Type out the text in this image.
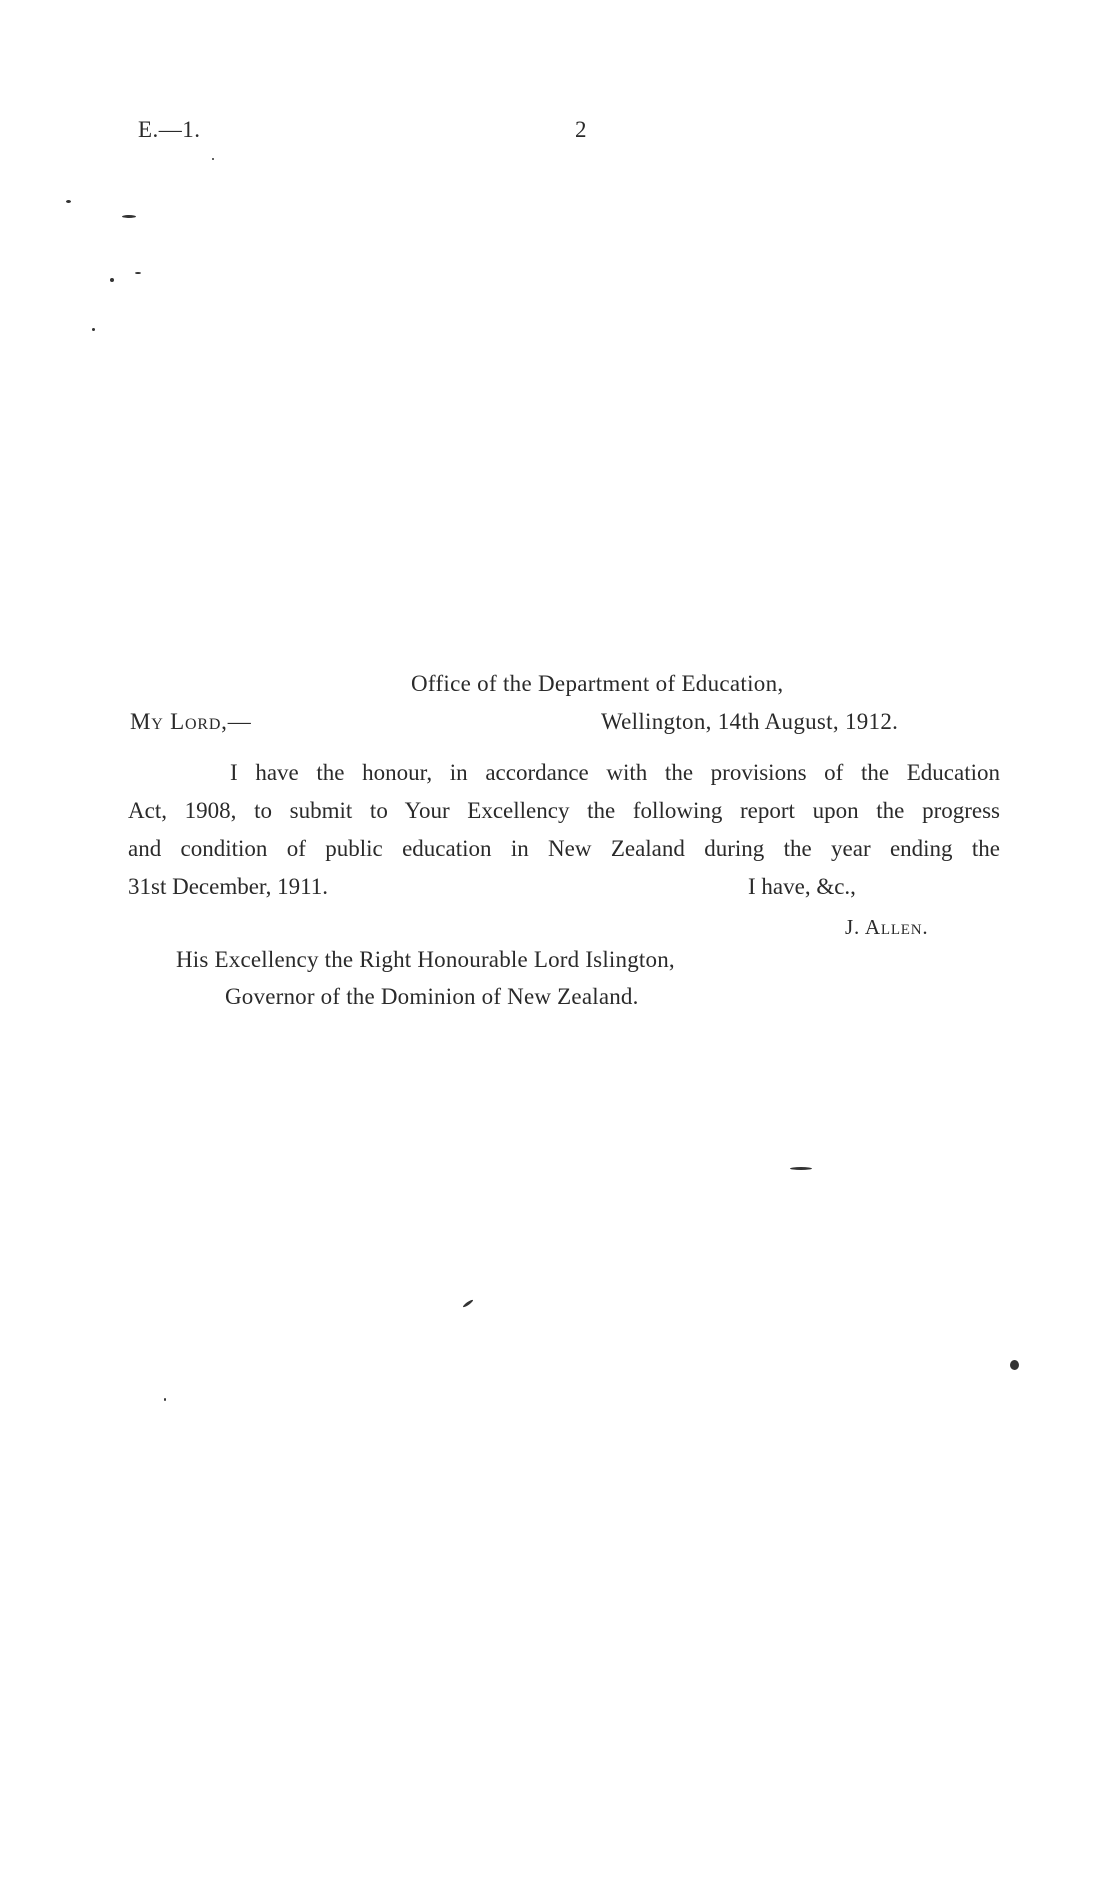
E.—1.	2
Office of the Department of Education,
My Lord,—	Wellington, 14th August, 1912.
I have the honour, in accordance with the provisions of the Education
Act, 1908, to submit to Your Excellency the following report upon the progress
and condition of public education in New Zealand during the year ending the
31st December, 1911.	I have, &c.,
J. Allen.
His Excellency the Right Honourable Lord Islington,
Governor of the Dominion of New Zealand.
